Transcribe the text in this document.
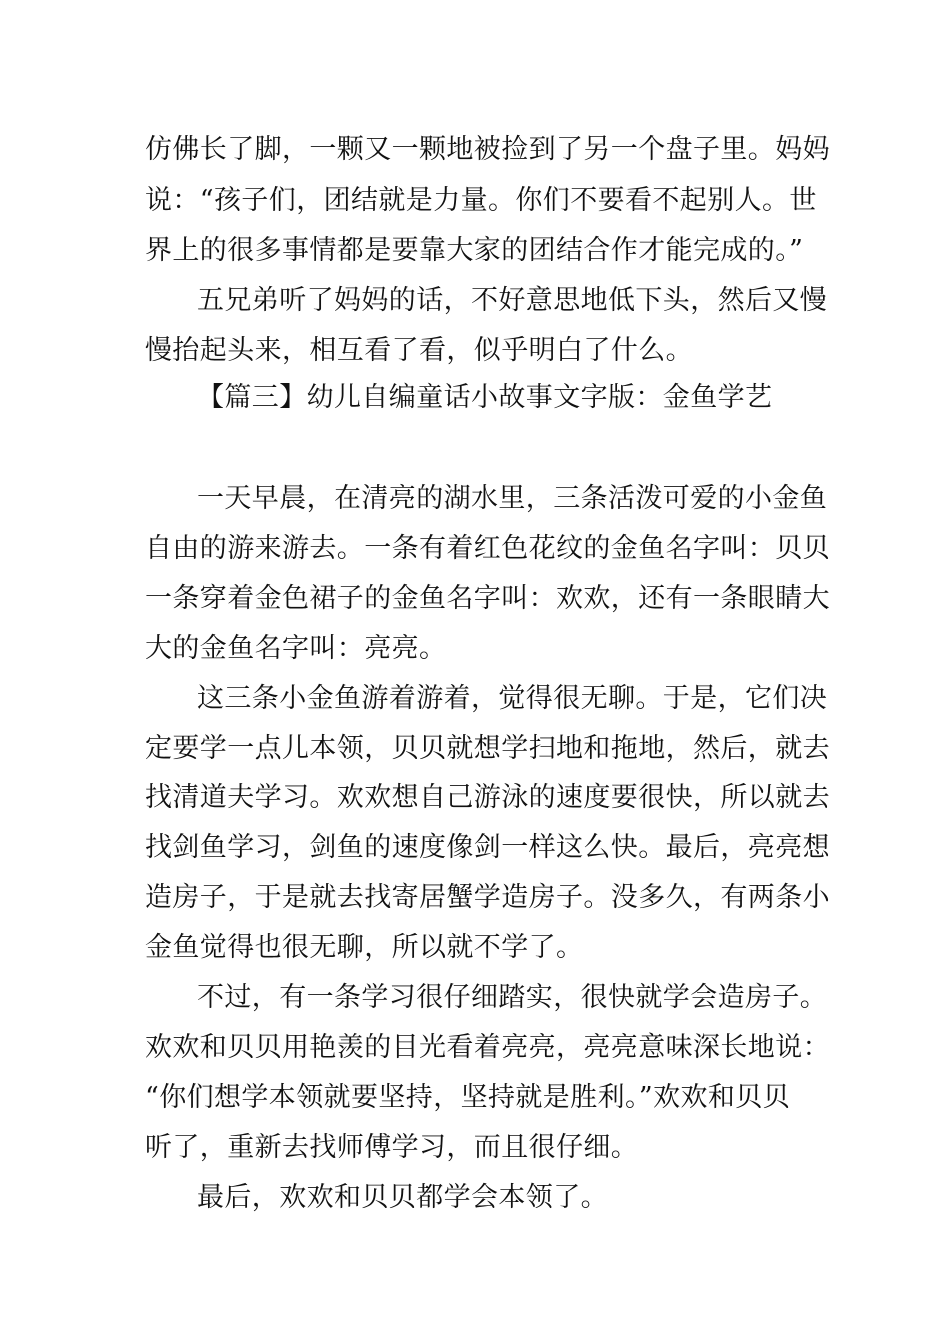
仿佛长了脚，一颗又一颗地被捡到了另一个盘子里。妈妈
说：“孩子们，团结就是力量。你们不要看不起别人。世
界上的很多事情都是要靠大家的团结合作才能完成的。”
五兄弟听了妈妈的话，不好意思地低下头，然后又慢
慢抬起头来，相互看了看，似乎明白了什么。
【篇三】幼儿自编童话小故事文字版：金鱼学艺
一天早晨，在清亮的湖水里，三条活泼可爱的小金鱼
自由的游来游去。一条有着红色花纹的金鱼名字叫：贝贝
一条穿着金色裙子的金鱼名字叫：欢欢，还有一条眼睛大
大的金鱼名字叫：亮亮。
这三条小金鱼游着游着，觉得很无聊。于是，它们决
定要学一点儿本领，贝贝就想学扫地和拖地，然后，就去
找清道夫学习。欢欢想自己游泳的速度要很快，所以就去
找剑鱼学习，剑鱼的速度像剑一样这么快。最后，亮亮想
造房子，于是就去找寄居蟹学造房子。没多久，有两条小
金鱼觉得也很无聊，所以就不学了。
不过，有一条学习很仔细踏实，很快就学会造房子。
欢欢和贝贝用艳羡的目光看着亮亮，亮亮意味深长地说：
“你们想学本领就要坚持，坚持就是胜利。”欢欢和贝贝
听了，重新去找师傅学习，而且很仔细。
最后，欢欢和贝贝都学会本领了。
